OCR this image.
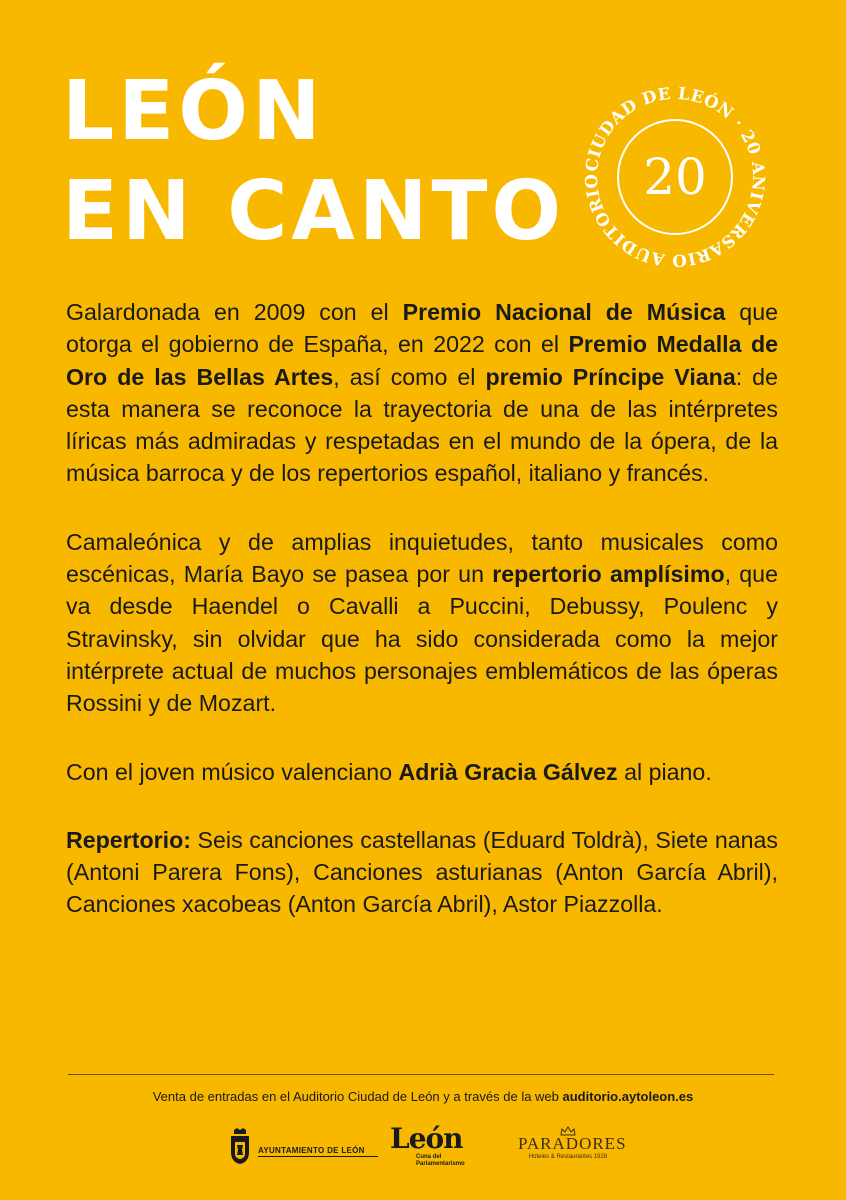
LEÓN
EN CANTO CIUDAD DE LEÓN · 20 ANIVERSARIO AUDITORIO 20

Galardonada en 2009 con el Premio Nacional de Música que otorga el gobierno de España, en 2022 con el Premio Medalla de Oro de las Bellas Artes, así como el premio Príncipe Viana: de esta manera se reconoce la trayectoria de una de las intérpretes líricas más admiradas y respetadas en el mundo de la ópera, de la música barroca y de los repertorios español, italiano y francés.

Camaleónica y de amplias inquietudes, tanto musicales como escénicas, María Bayo se pasea por un repertorio amplísimo, que va desde Haendel o Cavalli a Puccini, Debussy, Poulenc y Stravinsky, sin olvidar que ha sido considerada como la mejor intérprete actual de muchos personajes emblemáticos de las óperas Rossini y de Mozart.

Con el joven músico valenciano Adrià Gracia Gálvez al piano.

Repertorio: Seis canciones castellanas (Eduard Toldrà), Siete nanas (Antoni Parera Fons), Canciones asturianas (Anton García Abril), Canciones xacobeas (Anton García Abril), Astor Piazzolla.

Venta de entradas en el Auditorio Ciudad de León y a través de la web auditorio.aytoleon.es
AYUNTAMIENTO DE LEÓN León
Cuna del Parlamentarismo
PARADORES
Hoteles & Restaurantes 1928
